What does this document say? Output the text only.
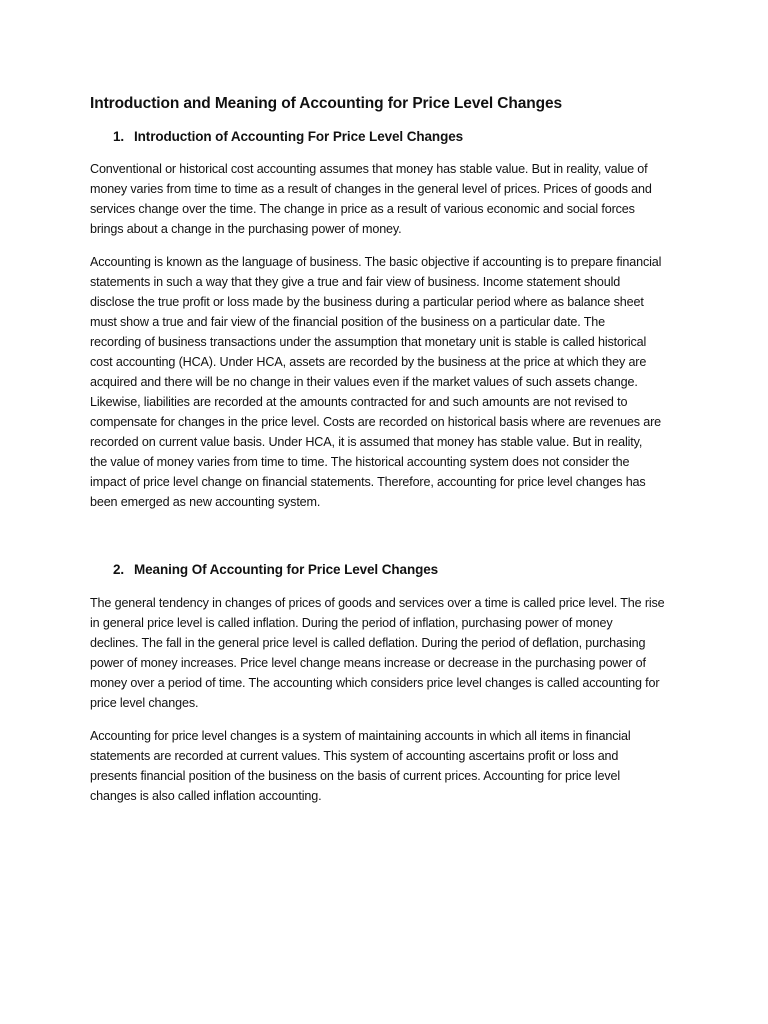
Introduction and Meaning of Accounting for Price Level Changes
1. Introduction of Accounting For Price Level Changes

Conventional or historical cost accounting assumes that money has stable value. But in reality, value of
money varies from time to time as a result of changes in the general level of prices. Prices of goods and
services change over the time. The change in price as a result of various economic and social forces
brings about a change in the purchasing power of money.

Accounting is known as the language of business. The basic objective if accounting is to prepare financial
statements in such a way that they give a true and fair view of business. Income statement should
disclose the true profit or loss made by the business during a particular period where as balance sheet
must show a true and fair view of the financial position of the business on a particular date. The
recording of business transactions under the assumption that monetary unit is stable is called historical
cost accounting (HCA). Under HCA, assets are recorded by the business at the price at which they are
acquired and there will be no change in their values even if the market values of such assets change.
Likewise, liabilities are recorded at the amounts contracted for and such amounts are not revised to
compensate for changes in the price level. Costs are recorded on historical basis where are revenues are
recorded on current value basis. Under HCA, it is assumed that money has stable value. But in reality,
the value of money varies from time to time. The historical accounting system does not consider the
impact of price level change on financial statements. Therefore, accounting for price level changes has
been emerged as new accounting system.

2. Meaning Of Accounting for Price Level Changes

The general tendency in changes of prices of goods and services over a time is called price level. The rise
in general price level is called inflation. During the period of inflation, purchasing power of money
declines. The fall in the general price level is called deflation. During the period of deflation, purchasing
power of money increases. Price level change means increase or decrease in the purchasing power of
money over a period of time. The accounting which considers price level changes is called accounting for
price level changes.

Accounting for price level changes is a system of maintaining accounts in which all items in financial
statements are recorded at current values. This system of accounting ascertains profit or loss and
presents financial position of the business on the basis of current prices. Accounting for price level
changes is also called inflation accounting.
